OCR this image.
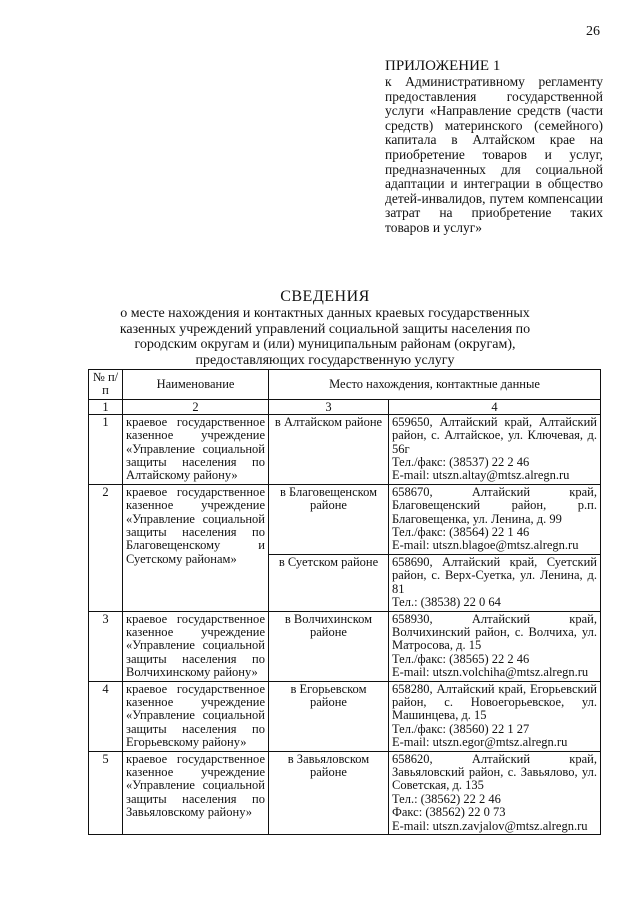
26
ПРИЛОЖЕНИЕ 1
к Административному регламенту предоставления государственной услуги «Направление средств (части средств) материнского (семейного) капитала в Алтайском крае на приобретение товаров и услуг, предназначенных для социальной адаптации и интеграции в общество детей-инвалидов, путем компенсации затрат на приобретение таких товаров и услуг»
СВЕДЕНИЯ
о месте нахождения и контактных данных краевых государственных казенных учреждений управлений социальной защиты населения по городским округам и (или) муниципальным районам (округам), предоставляющих государственную услугу
№ п/п	Наименование	Место нахождения, контактные данные	
1	2	3	4
1	краевое государственное казенное учреждение «Управление социальной защиты населения по Алтайскому району»	в Алтайском районе	659650, Алтайский край, Алтайский район, с. Алтайское, ул. Ключевая, д. 56г
Тел./факс: (38537) 22 2 46
E-mail: utszn.altay@mtsz.alregn.ru

2	краевое государственное казенное учреждение «Управление социальной защиты населения по Благовещенскому и Суетскому районам»	в Благовещенском районе	658670, Алтайский край, Благовещенский район, р.п. Благовещенка, ул. Ленина, д. 99
Тел./факс: (38564) 22 1 46
E-mail: utszn.blagoe@mtsz.alregn.ru

		в Суетском районе	658690, Алтайский край, Суетский район, с. Верх-Суетка, ул. Ленина, д. 81
Тел.: (38538) 22 0 64

3	краевое государственное казенное учреждение «Управление социальной защиты населения по Волчихинскому району»	в Волчихинском районе	658930, Алтайский край, Волчихинский район, с. Волчиха, ул. Матросова, д. 15
Тел./факс: (38565) 22 2 46
E-mail: utszn.volchiha@mtsz.alregn.ru

4	краевое государственное казенное учреждение «Управление социальной защиты населения по Егорьевскому району»	в Егорьевском районе	658280, Алтайский край, Егорьевский район, с. Новоегорьевское, ул. Машинцева, д. 15
Тел./факс: (38560) 22 1 27
E-mail: utszn.egor@mtsz.alregn.ru

5	краевое государственное казенное учреждение «Управление социальной защиты населения по Завьяловскому району»	в Завьяловском районе	658620, Алтайский край, Завьяловский район, с. Завьялово, ул. Советская, д. 135
Тел.: (38562) 22 2 46
Факс: (38562) 22 0 73
E-mail: utszn.zavjalov@mtsz.alregn.ru
